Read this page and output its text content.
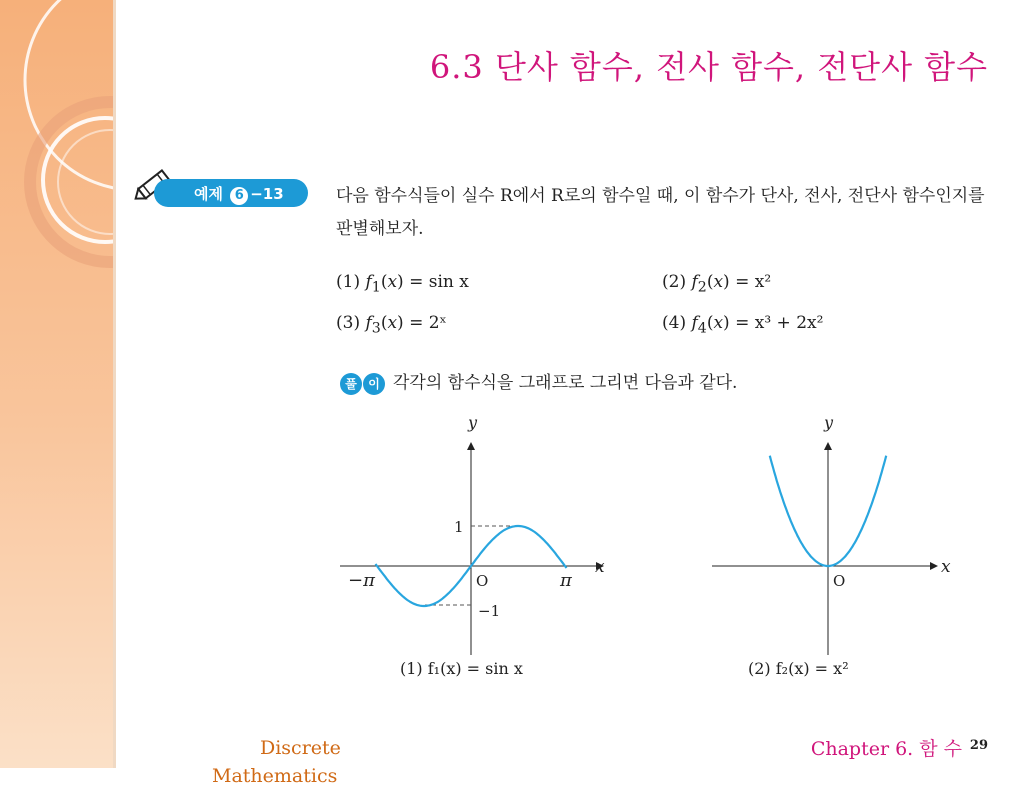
6.3 단사 함수, 전사 함수, 전단사 함수
예제 6 −13	다음 함수식들이 실수 R에서 R로의 함수일 때, 이 함수가 단사, 전사, 전단사 함수인지를 판별해보자.
(1) $f_1(x) = \sin x$	(2) $f_2(x) = x^2$
(3) $f_3(x)$ = 2ˣ	(4) $f_4(x) = x^3 + 2x^2$
풀 이 각각의 함수식을 그래프로 그리면 다음과 같다.
y
x
O
1
−1
−π	π
(1) f₁(x) = sin x
y
x
O
(2) f₂(x) = x²
Discrete
Mathematics
Chapter 6. 함 수 29
